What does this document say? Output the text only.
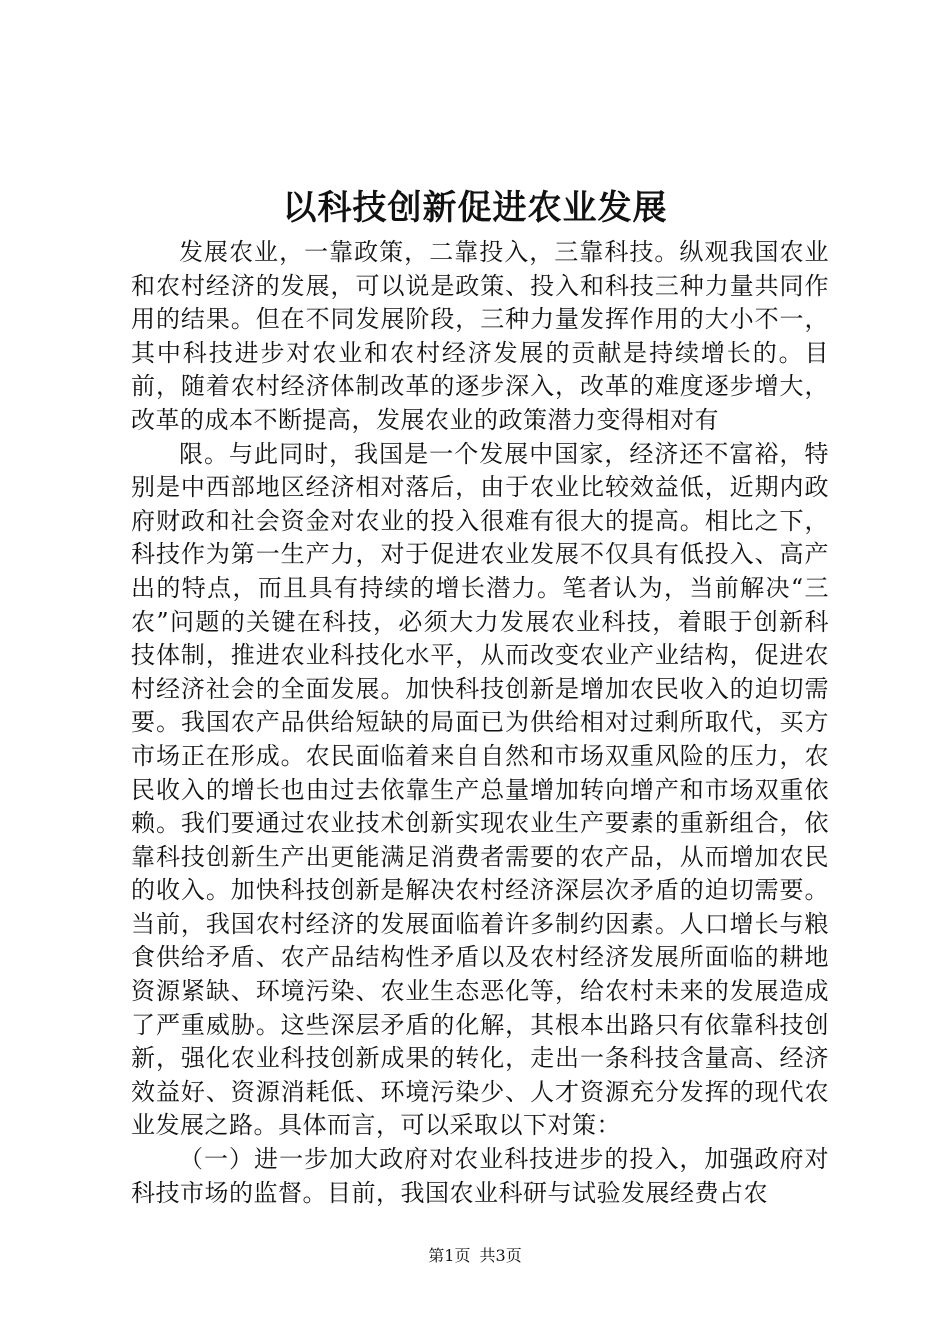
以科技创新促进农业发展

发展农业，一靠政策，二靠投入，三靠科技。纵观我国农业和农村经济的发展，可以说是政策、投入和科技三种力量共同作用的结果。但在不同发展阶段，三种力量发挥作用的大小不一，其中科技进步对农业和农村经济发展的贡献是持续增长的。目前，随着农村经济体制改革的逐步深入，改革的难度逐步增大，改革的成本不断提高，发展农业的政策潜力变得相对有

限。与此同时，我国是一个发展中国家，经济还不富裕，特别是中西部地区经济相对落后，由于农业比较效益低，近期内政府财政和社会资金对农业的投入很难有很大的提高。相比之下，科技作为第一生产力，对于促进农业发展不仅具有低投入、高产出的特点，而且具有持续的增长潜力。笔者认为，当前解决“三农”问题的关键在科技，必须大力发展农业科技，着眼于创新科技体制，推进农业科技化水平，从而改变农业产业结构，促进农村经济社会的全面发展。加快科技创新是增加农民收入的迫切需要。我国农产品供给短缺的局面已为供给相对过剩所取代，买方市场正在形成。农民面临着来自自然和市场双重风险的压力，农民收入的增长也由过去依靠生产总量增加转向增产和市场双重依赖。我们要通过农业技术创新实现农业生产要素的重新组合，依靠科技创新生产出更能满足消费者需要的农产品，从而增加农民的收入。加快科技创新是解决农村经济深层次矛盾的迫切需要。当前，我国农村经济的发展面临着许多制约因素。人口增长与粮食供给矛盾、农产品结构性矛盾以及农村经济发展所面临的耕地资源紧缺、环境污染、农业生态恶化等，给农村未来的发展造成了严重威胁。这些深层矛盾的化解，其根本出路只有依靠科技创新，强化农业科技创新成果的转化，走出一条科技含量高、经济效益好、资源消耗低、环境污染少、人才资源充分发挥的现代农业发展之路。具体而言，可以采取以下对策：

（一）进一步加大政府对农业科技进步的投入，加强政府对科技市场的监督。目前，我国农业科研与试验发展经费占农

第1页 共3页
